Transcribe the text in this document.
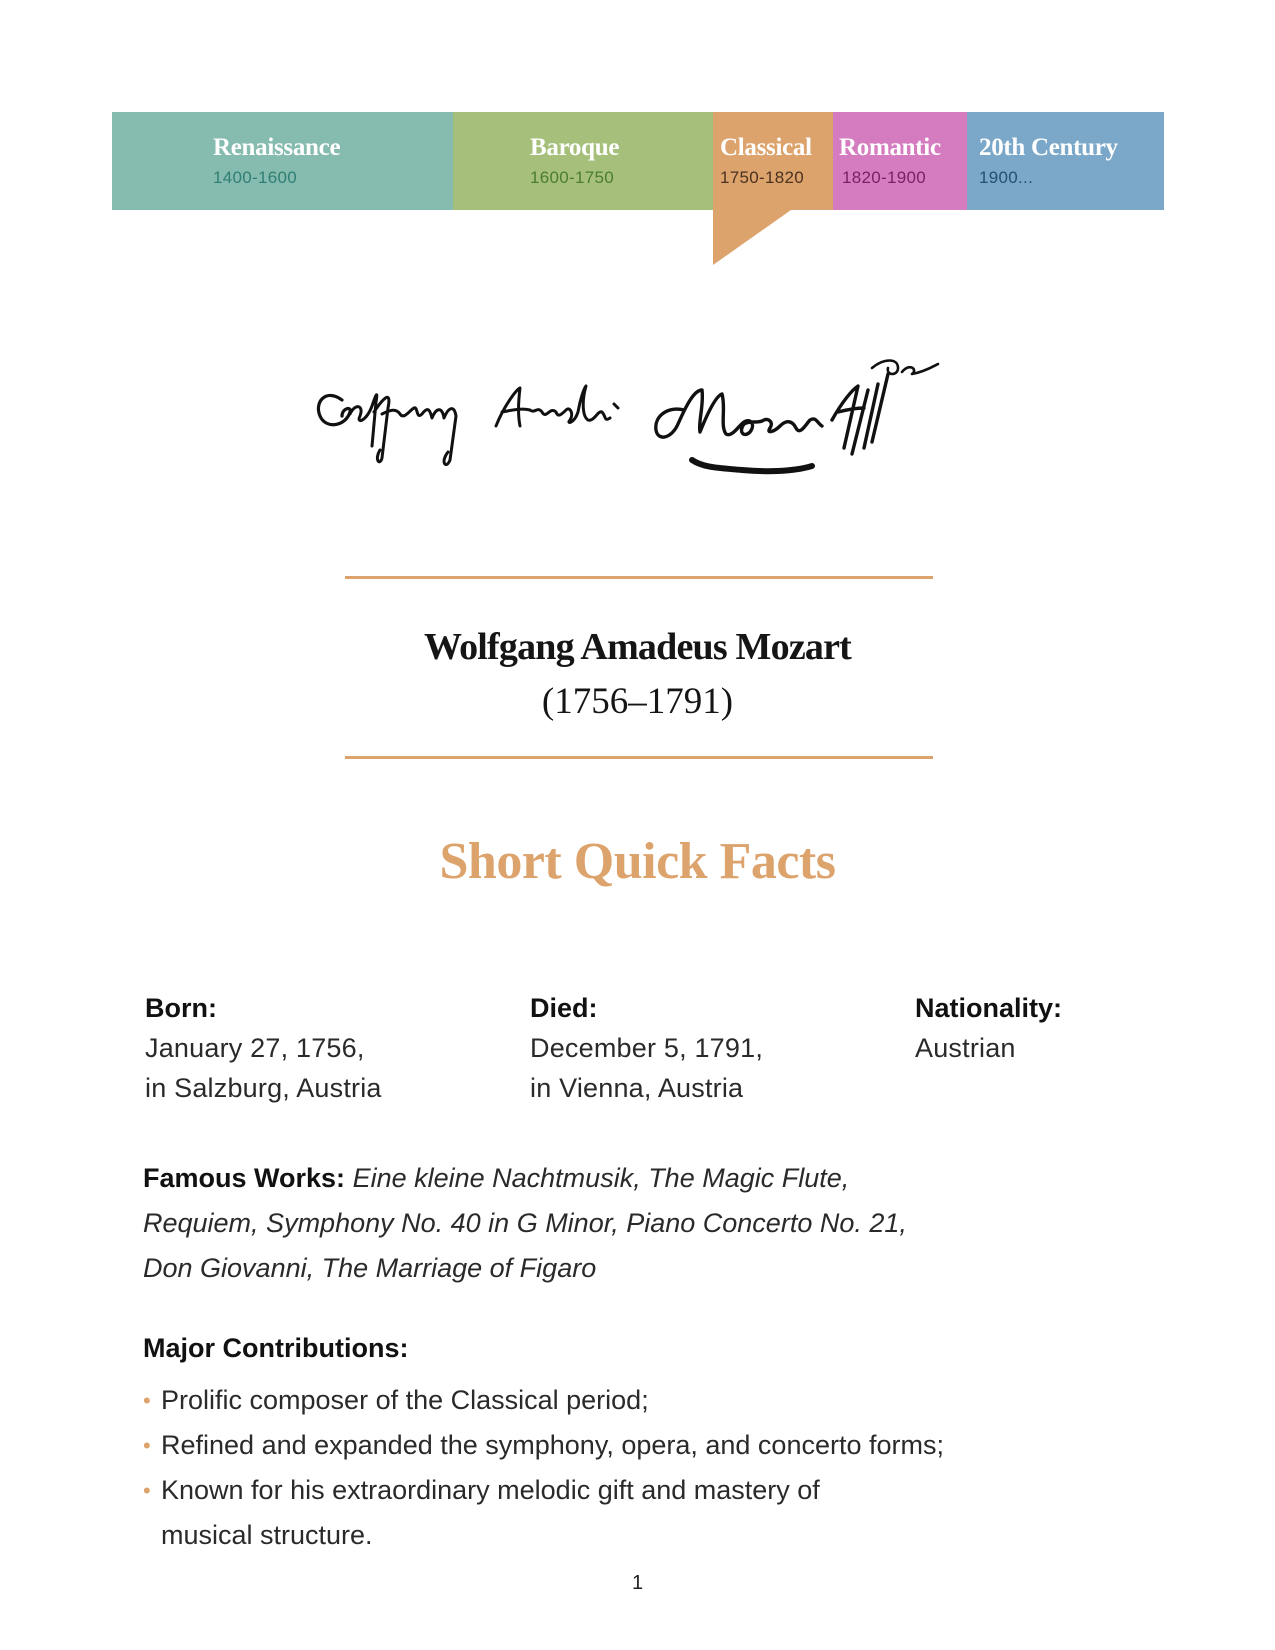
Renaissance
1400-1600
Baroque
1600-1750
Classical
1750-1820
Romantic
1820-1900
20th Century
1900...
Wolfgang Amadeus Mozart
(1756–1791)
Short Quick Facts
Born:
January 27, 1756,
in Salzburg, Austria
Died:
December 5, 1791,
in Vienna, Austria
Nationality:
Austrian
Famous Works: Eine kleine Nachtmusik, The Magic Flute,
Requiem, Symphony No. 40 in G Minor, Piano Concerto No. 21,
Don Giovanni, The Marriage of Figaro
Major Contributions:
• Prolific composer of the Classical period;
• Refined and expanded the symphony, opera, and concerto forms;
• Known for his extraordinary melodic gift and mastery of
musical structure.
1
